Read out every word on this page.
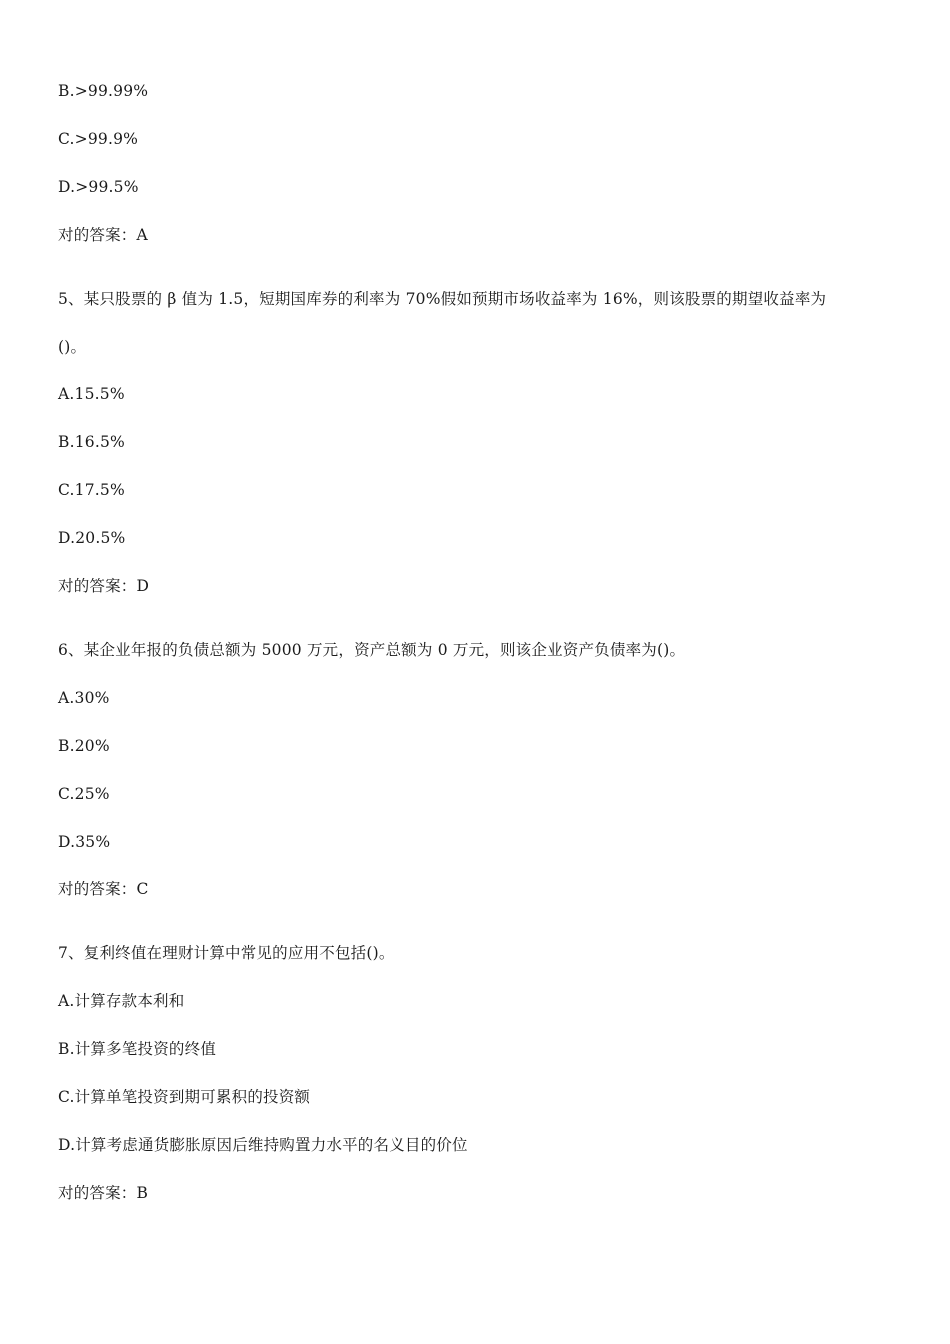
B.>99.99%
C.>99.9%
D.>99.5%
对的答案：A
5、某只股票的 β 值为 1.5，短期国库券的利率为 70%假如预期市场收益率为 16%，则该股票的期望收益率为
()。
A.15.5%
B.16.5%
C.17.5%
D.20.5%
对的答案：D
6、某企业年报的负债总额为 5000 万元，资产总额为 0 万元，则该企业资产负债率为()。
A.30%
B.20%
C.25%
D.35%
对的答案：C
7、复利终值在理财计算中常见的应用不包括()。
A.计算存款本利和
B.计算多笔投资的终值
C.计算单笔投资到期可累积的投资额
D.计算考虑通货膨胀原因后维持购置力水平的名义目的价位
对的答案：B
